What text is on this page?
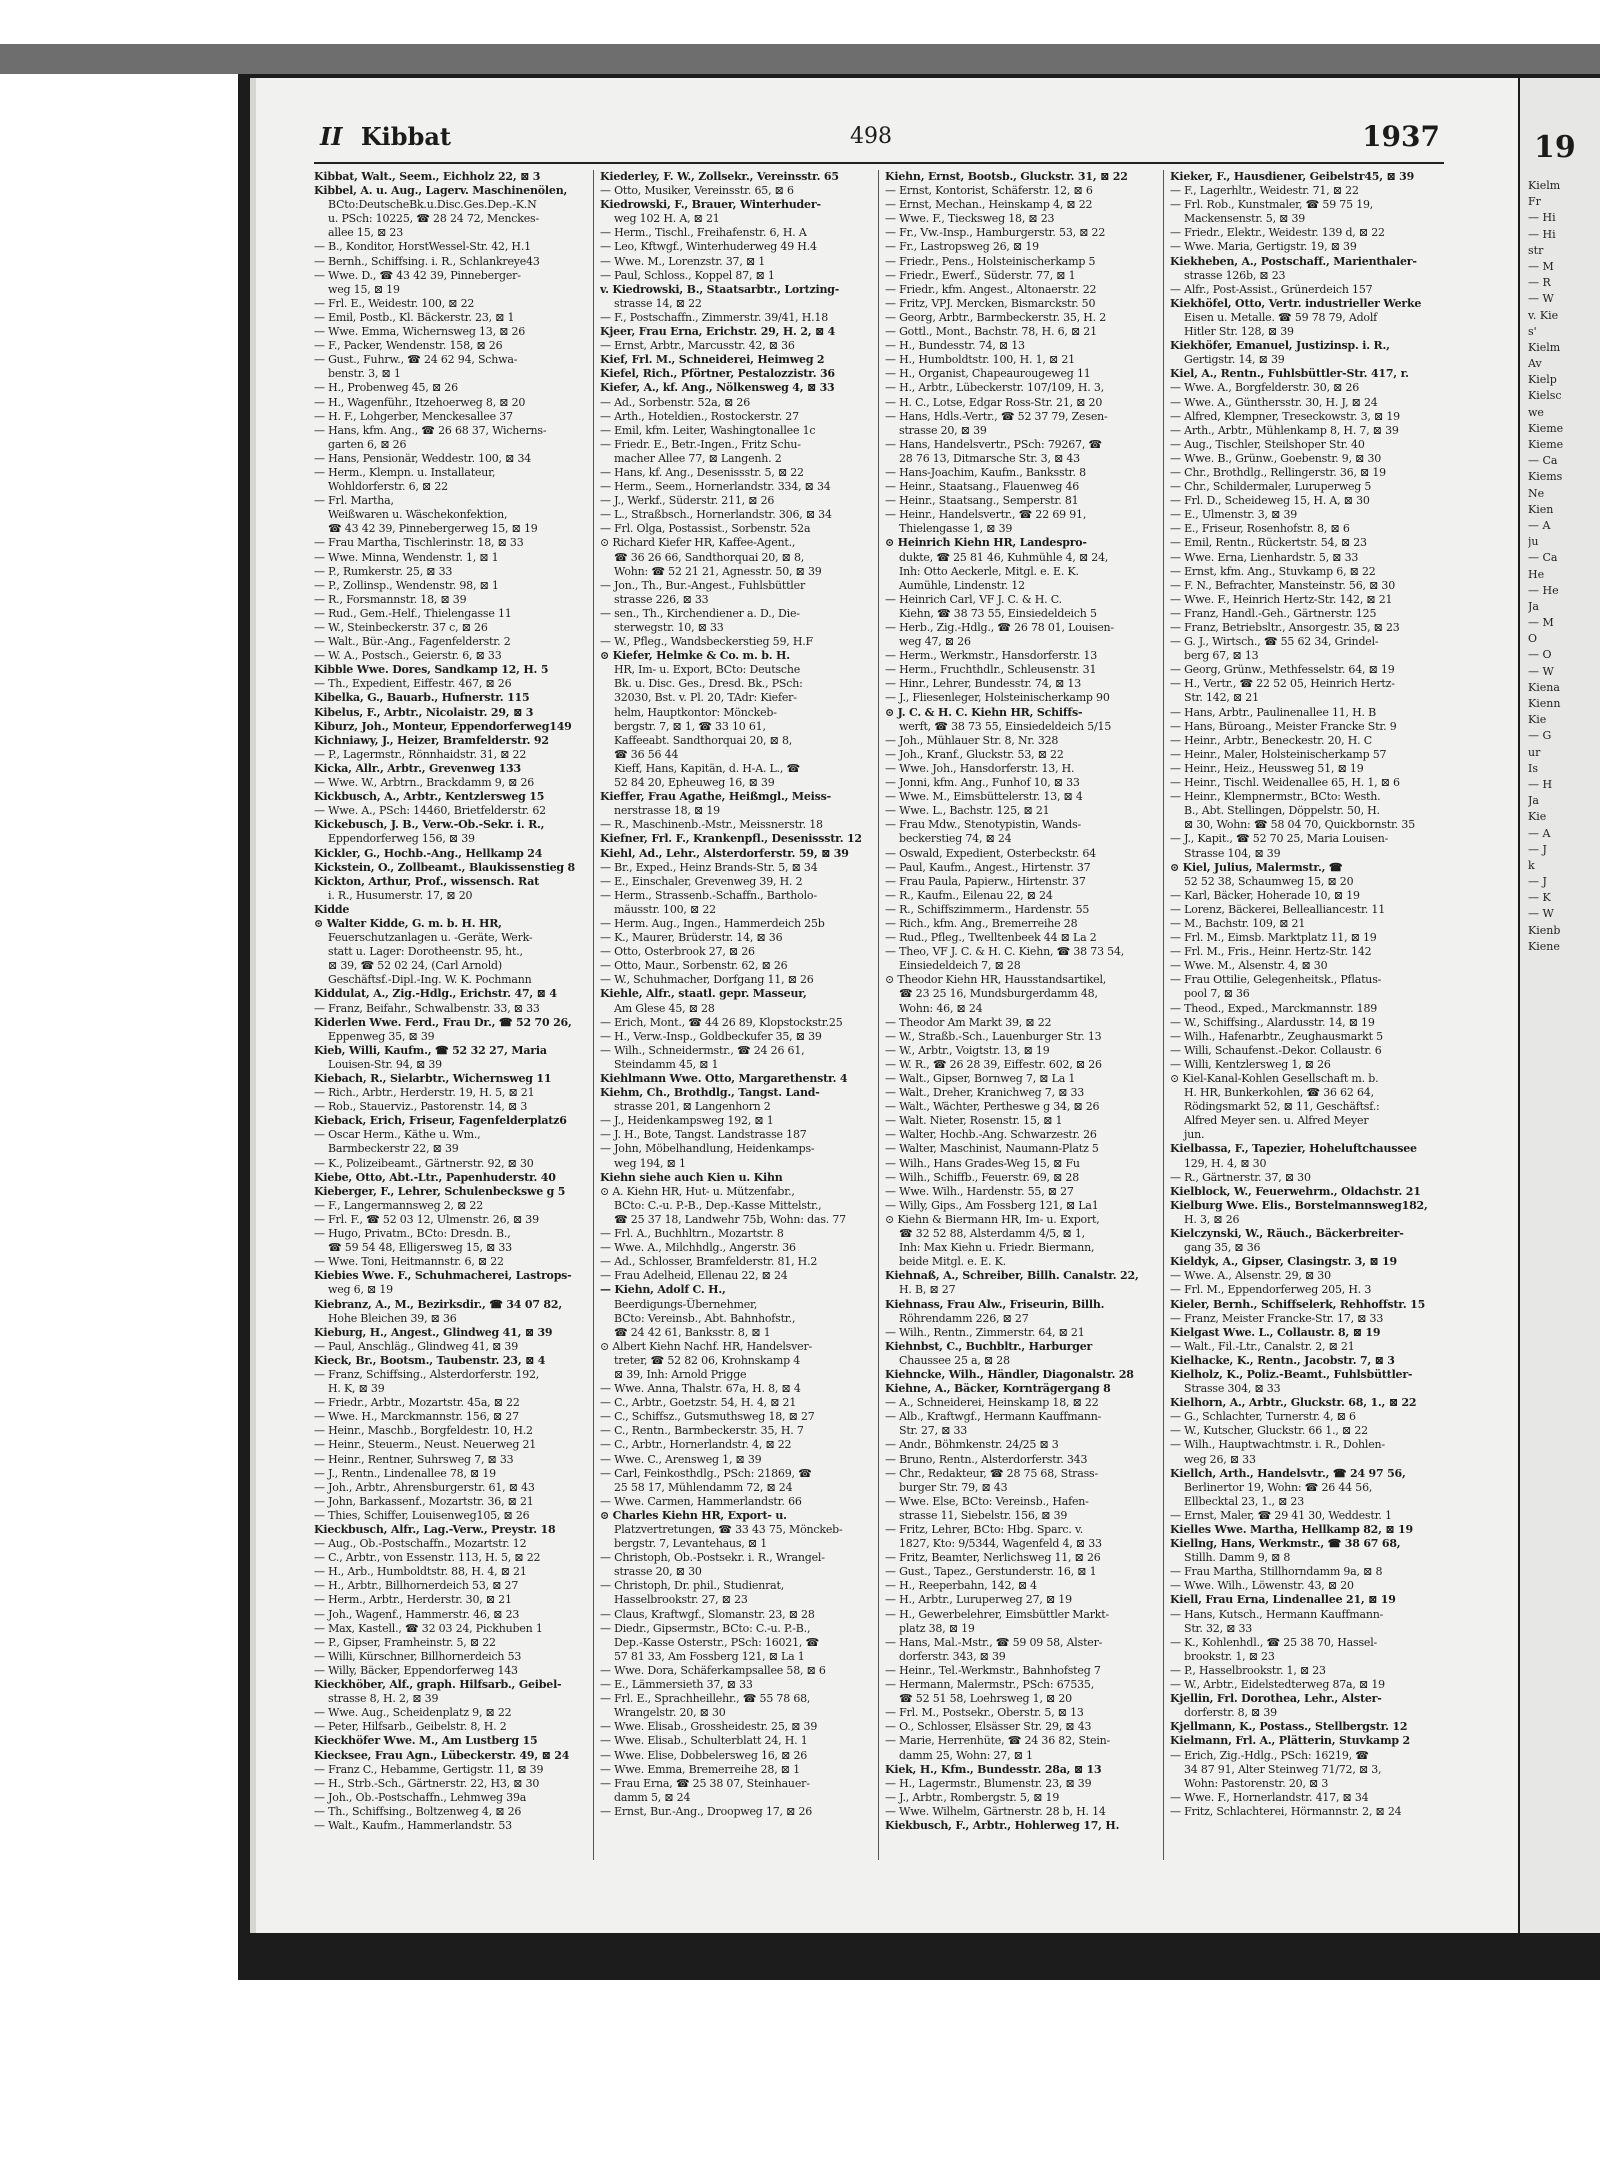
19
Kielm
Fr
— Hi
— Hi
str
— M
— R
— W
v. Kie
s'
Kielm
Av
Kielp
Kielsc
we
Kieme
Kieme
— Ca
Kiems
Ne
Kien
— A
ju
— Ca
He
— He
Ja
— M
O
— O
— W
Kiena
Kienn
Kie
— G
ur
Is
— H
Ja
Kie
— A
— J
k
— J
— K
— W
Kienb
Kiene
II Kibbat	498	1937
Kibbat, Walt., Seem., Eichholz 22, ⊠ 3
Kibbel, A. u. Aug., Lagerv. Maschinenölen,
BCto:DeutscheBk.u.Disc.Ges.Dep.-K.N
u. PSch: 10225, ☎ 28 24 72, Menckes-
allee 15, ⊠ 23
— B., Konditor, HorstWessel-Str. 42, H.1
— Bernh., Schiffsing. i. R., Schlankreye43
— Wwe. D., ☎ 43 42 39, Pinneberger-
weg 15, ⊠ 19
— Frl. E., Weidestr. 100, ⊠ 22
— Emil, Postb., Kl. Bäckerstr. 23, ⊠ 1
— Wwe. Emma, Wichernsweg 13, ⊠ 26
— F., Packer, Wendenstr. 158, ⊠ 26
— Gust., Fuhrw., ☎ 24 62 94, Schwa-
benstr. 3, ⊠ 1
— H., Probenweg 45, ⊠ 26
— H., Wagenführ., Itzehoerweg 8, ⊠ 20
— H. F., Lohgerber, Menckesallee 37
— Hans, kfm. Ang., ☎ 26 68 37, Wicherns-
garten 6, ⊠ 26
— Hans, Pensionär, Weddestr. 100, ⊠ 34
— Herm., Klempn. u. Installateur,
Wohldorferstr. 6, ⊠ 22
— Frl. Martha,
Weißwaren u. Wäschekonfektion,
☎ 43 42 39, Pinnebergerweg 15, ⊠ 19
— Frau Martha, Tischlerinstr. 18, ⊠ 33
— Wwe. Minna, Wendenstr. 1, ⊠ 1
— P., Rumkerstr. 25, ⊠ 33
— P., Zollinsp., Wendenstr. 98, ⊠ 1
— R., Forsmannstr. 18, ⊠ 39
— Rud., Gem.-Helf., Thielengasse 11
— W., Steinbeckerstr. 37 c, ⊠ 26
— Walt., Bür.-Ang., Fagenfelderstr. 2
— W. A., Postsch., Geierstr. 6, ⊠ 33
Kibble Wwe. Dores, Sandkamp 12, H. 5
— Th., Expedient, Eiffestr. 467, ⊠ 26
Kibelka, G., Bauarb., Hufnerstr. 115
Kibelus, F., Arbtr., Nicolaistr. 29, ⊠ 3
Kiburz, Joh., Monteur, Eppendorferweg149
Kichniawy, J., Heizer, Bramfelderstr. 92
— P., Lagermstr., Rönnhaidstr. 31, ⊠ 22
Kicka, Allr., Arbtr., Grevenweg 133
— Wwe. W., Arbtrn., Brackdamm 9, ⊠ 26
Kickbusch, A., Arbtr., Kentzlersweg 15
— Wwe. A., PSch: 14460, Brietfelderstr. 62
Kickebusch, J. B., Verw.-Ob.-Sekr. i. R.,
Eppendorferweg 156, ⊠ 39
Kickler, G., Hochb.-Ang., Hellkamp 24
Kickstein, O., Zollbeamt., Blaukissenstieg 8
Kickton, Arthur, Prof., wissensch. Rat
i. R., Husumerstr. 17, ⊠ 20
Kidde
⊙ Walter Kidde, G. m. b. H. HR,
Feuerschutzanlagen u. -Geräte, Werk-
statt u. Lager: Dorotheenstr. 95, ht.,
⊠ 39, ☎ 52 02 24, (Carl Arnold)
Geschäftsf.-Dipl.-Ing. W. K. Pochmann
Kiddulat, A., Zig.-Hdlg., Erichstr. 47, ⊠ 4
— Franz, Beifahr., Schwalbenstr. 33, ⊠ 33
Kiderlen Wwe. Ferd., Frau Dr., ☎ 52 70 26,
Eppenweg 35, ⊠ 39
Kieb, Willi, Kaufm., ☎ 52 32 27, Maria
Louisen-Str. 94, ⊠ 39
Kiebach, R., Sielarbtr., Wichernsweg 11
— Rich., Arbtr., Herderstr. 19, H. 5, ⊠ 21
— Rob., Stauerviz., Pastorenstr. 14, ⊠ 3
Kieback, Erich, Friseur, Fagenfelderplatz6
— Oscar Herm., Käthe u. Wm.,
Barmbeckerstr 22, ⊠ 39
— K., Polizeibeamt., Gärtnerstr. 92, ⊠ 30
Kiebe, Otto, Abt.-Ltr., Papenhuderstr. 40
Kieberger, F., Lehrer, Schulenbeckswe g 5
— F., Langermannsweg 2, ⊠ 22
— Frl. F., ☎ 52 03 12, Ulmenstr. 26, ⊠ 39
— Hugo, Privatm., BCto: Dresdn. B.,
☎ 59 54 48, Elligersweg 15, ⊠ 33
— Wwe. Toni, Heitmannstr. 6, ⊠ 22
Kiebies Wwe. F., Schuhmacherei, Lastrops-
weg 6, ⊠ 19
Kiebranz, A., M., Bezirksdir., ☎ 34 07 82,
Hohe Bleichen 39, ⊠ 36
Kieburg, H., Angest., Glindweg 41, ⊠ 39
— Paul, Anschläg., Glindweg 41, ⊠ 39
Kieck, Br., Bootsm., Taubenstr. 23, ⊠ 4
— Franz, Schiffsing., Alsterdorferstr. 192,
H. K, ⊠ 39
— Friedr., Arbtr., Mozartstr. 45a, ⊠ 22
— Wwe. H., Marckmannstr. 156, ⊠ 27
— Heinr., Maschb., Borgfeldestr. 10, H.2
— Heinr., Steuerm., Neust. Neuerweg 21
— Heinr., Rentner, Suhrsweg 7, ⊠ 33
— J., Rentn., Lindenallee 78, ⊠ 19
— Joh., Arbtr., Ahrensburgerstr. 61, ⊠ 43
— John, Barkassenf., Mozartstr. 36, ⊠ 21
— Thies, Schiffer, Louisenweg105, ⊠ 26
Kieckbusch, Alfr., Lag.-Verw., Preystr. 18
— Aug., Ob.-Postschaffn., Mozartstr. 12
— C., Arbtr., von Essenstr. 113, H. 5, ⊠ 22
— H., Arb., Humboldtstr. 88, H. 4, ⊠ 21
— H., Arbtr., Billhornerdeich 53, ⊠ 27
— Herm., Arbtr., Herderstr. 30, ⊠ 21
— Joh., Wagenf., Hammerstr. 46, ⊠ 23
— Max, Kastell., ☎ 32 03 24, Pickhuben 1
— P., Gipser, Framheinstr. 5, ⊠ 22
— Willi, Kürschner, Billhornerdeich 53
— Willy, Bäcker, Eppendorferweg 143
Kieckhöber, Alf., graph. Hilfsarb., Geibel-
strasse 8, H. 2, ⊠ 39
— Wwe. Aug., Scheidenplatz 9, ⊠ 22
— Peter, Hilfsarb., Geibelstr. 8, H. 2
Kieckhöfer Wwe. M., Am Lustberg 15
Kiecksee, Frau Agn., Lübeckerstr. 49, ⊠ 24
— Franz C., Hebamme, Gertigstr. 11, ⊠ 39
— H., Strb.-Sch., Gärtnerstr. 22, H3, ⊠ 30
— Joh., Ob.-Postschaffn., Lehmweg 39a
— Th., Schiffsing., Boltzenweg 4, ⊠ 26
— Walt., Kaufm., Hammerlandstr. 53
Kiederley, F. W., Zollsekr., Vereinsstr. 65
— Otto, Musiker, Vereinsstr. 65, ⊠ 6
Kiedrowski, F., Brauer, Winterhuder-
weg 102 H. A, ⊠ 21
— Herm., Tischl., Freihafenstr. 6, H. A
— Leo, Kftwgf., Winterhuderweg 49 H.4
— Wwe. M., Lorenzstr. 37, ⊠ 1
— Paul, Schloss., Koppel 87, ⊠ 1
v. Kiedrowski, B., Staatsarbtr., Lortzing-
strasse 14, ⊠ 22
— F., Postschaffn., Zimmerstr. 39/41, H.18
Kjeer, Frau Erna, Erichstr. 29, H. 2, ⊠ 4
— Ernst, Arbtr., Marcusstr. 42, ⊠ 36
Kief, Frl. M., Schneiderei, Heimweg 2
Kiefel, Rich., Pförtner, Pestalozzistr. 36
Kiefer, A., kf. Ang., Nölkensweg 4, ⊠ 33
— Ad., Sorbenstr. 52a, ⊠ 26
— Arth., Hoteldien., Rostockerstr. 27
— Emil, kfm. Leiter, Washingtonallee 1c
— Friedr. E., Betr.-Ingen., Fritz Schu-
macher Allee 77, ⊠ Langenh. 2
— Hans, kf. Ang., Desenissstr. 5, ⊠ 22
— Herm., Seem., Hornerlandstr. 334, ⊠ 34
— J., Werkf., Süderstr. 211, ⊠ 26
— L., Straßbsch., Hornerlandstr. 306, ⊠ 34
— Frl. Olga, Postassist., Sorbenstr. 52a
⊙ Richard Kiefer HR, Kaffee-Agent.,
☎ 36 26 66, Sandthorquai 20, ⊠ 8,
Wohn: ☎ 52 21 21, Agnesstr. 50, ⊠ 39
— Jon., Th., Bur.-Angest., Fuhlsbüttler
strasse 226, ⊠ 33
— sen., Th., Kirchendiener a. D., Die-
sterwegstr. 10, ⊠ 33
— W., Pfleg., Wandsbeckerstieg 59, H.F
⊙ Kiefer, Helmke & Co. m. b. H.
HR, Im- u. Export, BCto: Deutsche
Bk. u. Disc. Ges., Dresd. Bk., PSch:
32030, Bst. v. Pl. 20, TAdr: Kiefer-
helm, Hauptkontor: Mönckeb-
bergstr. 7, ⊠ 1, ☎ 33 10 61,
Kaffeeabt. Sandthorquai 20, ⊠ 8,
☎ 36 56 44
Kieff, Hans, Kapitän, d. H-A. L., ☎
52 84 20, Epheuweg 16, ⊠ 39
Kieffer, Frau Agathe, Heißmgl., Meiss-
nerstrasse 18, ⊠ 19
— R., Maschinenb.-Mstr., Meissnerstr. 18
Kiefner, Frl. F., Krankenpfl., Desenissstr. 12
Kiehl, Ad., Lehr., Alsterdorferstr. 59, ⊠ 39
— Br., Exped., Heinz Brands-Str. 5, ⊠ 34
— E., Einschaler, Grevenweg 39, H. 2
— Herm., Strassenb.-Schaffn., Bartholo-
mäusstr. 100, ⊠ 22
— Herm. Aug., Ingen., Hammerdeich 25b
— K., Maurer, Brüderstr. 14, ⊠ 36
— Otto, Osterbrook 27, ⊠ 26
— Otto, Maur., Sorbenstr. 62, ⊠ 26
— W., Schuhmacher, Dorfgang 11, ⊠ 26
Kiehle, Alfr., staatl. gepr. Masseur,
Am Glese 45, ⊠ 28
— Erich, Mont., ☎ 44 26 89, Klopstockstr.25
— H., Verw.-Insp., Goldbeckufer 35, ⊠ 39
— Wilh., Schneidermstr., ☎ 24 26 61,
Steindamm 45, ⊠ 1
Kiehlmann Wwe. Otto, Margarethenstr. 4
Kiehm, Ch., Brothdlg., Tangst. Land-
strasse 201, ⊠ Langenhorn 2
— J., Heidenkampsweg 192, ⊠ 1
— J. H., Bote, Tangst. Landstrasse 187
— John, Möbelhandlung, Heidenkamps-
weg 194, ⊠ 1
Kiehn siehe auch Kien u. Kihn
⊙ A. Kiehn HR, Hut- u. Mützenfabr.,
BCto: C.-u. P.-B., Dep.-Kasse Mittelstr.,
☎ 25 37 18, Landwehr 75b, Wohn: das. 77
— Frl. A., Buchhltrn., Mozartstr. 8
— Wwe. A., Milchhdlg., Angerstr. 36
— Ad., Schlosser, Bramfelderstr. 81, H.2
— Frau Adelheid, Ellenau 22, ⊠ 24
— Kiehn, Adolf C. H.,
Beerdigungs-Übernehmer,
BCto: Vereinsb., Abt. Bahnhofstr.,
☎ 24 42 61, Banksstr. 8, ⊠ 1
⊙ Albert Kiehn Nachf. HR, Handelsver-
treter, ☎ 52 82 06, Krohnskamp 4
⊠ 39, Inh: Arnold Prigge
— Wwe. Anna, Thalstr. 67a, H. 8, ⊠ 4
— C., Arbtr., Goetzstr. 54, H. 4, ⊠ 21
— C., Schiffsz., Gutsmuthsweg 18, ⊠ 27
— C., Rentn., Barmbeckerstr. 35, H. 7
— C., Arbtr., Hornerlandstr. 4, ⊠ 22
— Wwe. C., Arensweg 1, ⊠ 39
— Carl, Feinkosthdlg., PSch: 21869, ☎
25 58 17, Mühlendamm 72, ⊠ 24
— Wwe. Carmen, Hammerlandstr. 66
⊙ Charles Kiehn HR, Export- u.
Platzvertretungen, ☎ 33 43 75, Mönckeb-
bergstr. 7, Levantehaus, ⊠ 1
— Christoph, Ob.-Postsekr. i. R., Wrangel-
strasse 20, ⊠ 30
— Christoph, Dr. phil., Studienrat,
Hasselbrookstr. 27, ⊠ 23
— Claus, Kraftwgf., Slomanstr. 23, ⊠ 28
— Diedr., Gipsermstr., BCto: C.-u. P.-B.,
Dep.-Kasse Osterstr., PSch: 16021, ☎
57 81 33, Am Fossberg 121, ⊠ La 1
— Wwe. Dora, Schäferkampsallee 58, ⊠ 6
— E., Lämmersieth 37, ⊠ 33
— Frl. E., Sprachheillehr., ☎ 55 78 68,
Wrangelstr. 20, ⊠ 30
— Wwe. Elisab., Grossheidestr. 25, ⊠ 39
— Wwe. Elisab., Schulterblatt 24, H. 1
— Wwe. Elise, Dobbelersweg 16, ⊠ 26
— Wwe. Emma, Bremerreihe 28, ⊠ 1
— Frau Erna, ☎ 25 38 07, Steinhauer-
damm 5, ⊠ 24
— Ernst, Bur.-Ang., Droopweg 17, ⊠ 26
Kiehn, Ernst, Bootsb., Gluckstr. 31, ⊠ 22
— Ernst, Kontorist, Schäferstr. 12, ⊠ 6
— Ernst, Mechan., Heinskamp 4, ⊠ 22
— Wwe. F., Tiecksweg 18, ⊠ 23
— Fr., Vw.-Insp., Hamburgerstr. 53, ⊠ 22
— Fr., Lastropsweg 26, ⊠ 19
— Friedr., Pens., Holsteinischerkamp 5
— Friedr., Ewerf., Süderstr. 77, ⊠ 1
— Friedr., kfm. Angest., Altonaerstr. 22
— Fritz, VPJ. Mercken, Bismarckstr. 50
— Georg, Arbtr., Barmbeckerstr. 35, H. 2
— Gottl., Mont., Bachstr. 78, H. 6, ⊠ 21
— H., Bundesstr. 74, ⊠ 13
— H., Humboldtstr. 100, H. 1, ⊠ 21
— H., Organist, Chapeaurougeweg 11
— H., Arbtr., Lübeckerstr. 107/109, H. 3,
— H. C., Lotse, Edgar Ross-Str. 21, ⊠ 20
— Hans, Hdls.-Vertr., ☎ 52 37 79, Zesen-
strasse 20, ⊠ 39
— Hans, Handelsvertr., PSch: 79267, ☎
28 76 13, Ditmarsche Str. 3, ⊠ 43
— Hans-Joachim, Kaufm., Banksstr. 8
— Heinr., Staatsang., Flauenweg 46
— Heinr., Staatsang., Semperstr. 81
— Heinr., Handelsvertr., ☎ 22 69 91,
Thielengasse 1, ⊠ 39
⊙ Heinrich Kiehn HR, Landespro-
dukte, ☎ 25 81 46, Kuhmühle 4, ⊠ 24,
Inh: Otto Aeckerle, Mitgl. e. E. K.
Aumühle, Lindenstr. 12
— Heinrich Carl, VF J. C. & H. C.
Kiehn, ☎ 38 73 55, Einsiedeldeich 5
— Herb., Zig.-Hdlg., ☎ 26 78 01, Louisen-
weg 47, ⊠ 26
— Herm., Werkmstr., Hansdorferstr. 13
— Herm., Fruchthdlr., Schleusenstr. 31
— Hinr., Lehrer, Bundesstr. 74, ⊠ 13
— J., Fliesenleger, Holsteinischerkamp 90
⊙ J. C. & H. C. Kiehn HR, Schiffs-
werft, ☎ 38 73 55, Einsiedeldeich 5/15
— Joh., Mühlauer Str. 8, Nr. 328
— Joh., Kranf., Gluckstr. 53, ⊠ 22
— Wwe. Joh., Hansdorferstr. 13, H.
— Jonni, kfm. Ang., Funhof 10, ⊠ 33
— Wwe. M., Eimsbüttelerstr. 13, ⊠ 4
— Wwe. L., Bachstr. 125, ⊠ 21
— Frau Mdw., Stenotypistin, Wands-
beckerstieg 74, ⊠ 24
— Oswald, Expedient, Osterbeckstr. 64
— Paul, Kaufm., Angest., Hirtenstr. 37
— Frau Paula, Papierw., Hirtenstr. 37
— R., Kaufm., Eilenau 22, ⊠ 24
— R., Schiffszimmerm., Hardenstr. 55
— Rich., kfm. Ang., Bremerreihe 28
— Rud., Pfleg., Twelltenbeek 44 ⊠ La 2
— Theo, VF J. C. & H. C. Kiehn, ☎ 38 73 54,
Einsiedeldeich 7, ⊠ 28
⊙ Theodor Kiehn HR, Hausstandsartikel,
☎ 23 25 16, Mundsburgerdamm 48,
Wohn: 46, ⊠ 24
— Theodor Am Markt 39, ⊠ 22
— W., Straßb.-Sch., Lauenburger Str. 13
— W., Arbtr., Voigtstr. 13, ⊠ 19
— W. R., ☎ 26 28 39, Eiffestr. 602, ⊠ 26
— Walt., Gipser, Bornweg 7, ⊠ La 1
— Walt., Dreher, Kranichweg 7, ⊠ 33
— Walt., Wächter, Pertheswe g 34, ⊠ 26
— Walt. Nieter, Rosenstr. 15, ⊠ 1
— Walter, Hochb.-Ang. Schwarzestr. 26
— Walter, Maschinist, Naumann-Platz 5
— Wilh., Hans Grades-Weg 15, ⊠ Fu
— Wilh., Schiffb., Feuerstr. 69, ⊠ 28
— Wwe. Wilh., Hardenstr. 55, ⊠ 27
— Willy, Gips., Am Fossberg 121, ⊠ La1
⊙ Kiehn & Biermann HR, Im- u. Export,
☎ 32 52 88, Alsterdamm 4/5, ⊠ 1,
Inh: Max Kiehn u. Friedr. Biermann,
beide Mitgl. e. E. K.
Kiehnaß, A., Schreiber, Billh. Canalstr. 22,
H. B, ⊠ 27
Kiehnass, Frau Alw., Friseurin, Billh.
Röhrendamm 226, ⊠ 27
— Wilh., Rentn., Zimmerstr. 64, ⊠ 21
Kiehnbst, C., Buchbltr., Harburger
Chaussee 25 a, ⊠ 28
Kiehncke, Wilh., Händler, Diagonalstr. 28
Kiehne, A., Bäcker, Kornträgergang 8
— A., Schneiderei, Heinskamp 18, ⊠ 22
— Alb., Kraftwgf., Hermann Kauffmann-
Str. 27, ⊠ 33
— Andr., Böhmkenstr. 24/25 ⊠ 3
— Bruno, Rentn., Alsterdorferstr. 343
— Chr., Redakteur, ☎ 28 75 68, Strass-
burger Str. 79, ⊠ 43
— Wwe. Else, BCto: Vereinsb., Hafen-
strasse 11, Siebelstr. 156, ⊠ 39
— Fritz, Lehrer, BCto: Hbg. Sparc. v.
1827, Kto: 9/5344, Wagenfeld 4, ⊠ 33
— Fritz, Beamter, Nerlichsweg 11, ⊠ 26
— Gust., Tapez., Gerstunderstr. 16, ⊠ 1
— H., Reeperbahn, 142, ⊠ 4
— H., Arbtr., Luruperweg 27, ⊠ 19
— H., Gewerbelehrer, Eimsbüttler Markt-
platz 38, ⊠ 19
— Hans, Mal.-Mstr., ☎ 59 09 58, Alster-
dorferstr. 343, ⊠ 39
— Heinr., Tel.-Werkmstr., Bahnhofsteg 7
— Hermann, Malermstr., PSch: 67535,
☎ 52 51 58, Loehrsweg 1, ⊠ 20
— Frl. M., Postsekr., Oberstr. 5, ⊠ 13
— O., Schlosser, Elsässer Str. 29, ⊠ 43
— Marie, Herrenhüte, ☎ 24 36 82, Stein-
damm 25, Wohn: 27, ⊠ 1
Kiek, H., Kfm., Bundesstr. 28a, ⊠ 13
— H., Lagermstr., Blumenstr. 23, ⊠ 39
— J., Arbtr., Rombergstr. 5, ⊠ 19
— Wwe. Wilhelm, Gärtnerstr. 28 b, H. 14
Kiekbusch, F., Arbtr., Hohlerweg 17, H.
Kieker, F., Hausdiener, Geibelstr45, ⊠ 39
— F., Lagerhltr., Weidestr. 71, ⊠ 22
— Frl. Rob., Kunstmaler, ☎ 59 75 19,
Mackensenstr. 5, ⊠ 39
— Friedr., Elektr., Weidestr. 139 d, ⊠ 22
— Wwe. Maria, Gertigstr. 19, ⊠ 39
Kiekheben, A., Postschaff., Marienthaler-
strasse 126b, ⊠ 23
— Alfr., Post-Assist., Grünerdeich 157
Kiekhöfel, Otto, Vertr. industrieller Werke
Eisen u. Metalle. ☎ 59 78 79, Adolf
Hitler Str. 128, ⊠ 39
Kiekhöfer, Emanuel, Justizinsp. i. R.,
Gertigstr. 14, ⊠ 39
Kiel, A., Rentn., Fuhlsbüttler-Str. 417, r.
— Wwe. A., Borgfelderstr. 30, ⊠ 26
— Wwe. A., Günthersstr. 30, H. J, ⊠ 24
— Alfred, Klempner, Treseckowstr. 3, ⊠ 19
— Arth., Arbtr., Mühlenkamp 8, H. 7, ⊠ 39
— Aug., Tischler, Steilshoper Str. 40
— Wwe. B., Grünw., Goebenstr. 9, ⊠ 30
— Chr., Brothdlg., Rellingerstr. 36, ⊠ 19
— Chr., Schildermaler, Luruperweg 5
— Frl. D., Scheideweg 15, H. A, ⊠ 30
— E., Ulmenstr. 3, ⊠ 39
— E., Friseur, Rosenhofstr. 8, ⊠ 6
— Emil, Rentn., Rückertstr. 54, ⊠ 23
— Wwe. Erna, Lienhardstr. 5, ⊠ 33
— Ernst, kfm. Ang., Stuvkamp 6, ⊠ 22
— F. N., Befrachter, Mansteinstr. 56, ⊠ 30
— Wwe. F., Heinrich Hertz-Str. 142, ⊠ 21
— Franz, Handl.-Geh., Gärtnerstr. 125
— Franz, Betriebsltr., Ansorgestr. 35, ⊠ 23
— G. J., Wirtsch., ☎ 55 62 34, Grindel-
berg 67, ⊠ 13
— Georg, Grünw., Methfesselstr. 64, ⊠ 19
— H., Vertr., ☎ 22 52 05, Heinrich Hertz-
Str. 142, ⊠ 21
— Hans, Arbtr., Paulinenallee 11, H. B
— Hans, Büroang., Meister Francke Str. 9
— Heinr., Arbtr., Beneckestr. 20, H. C
— Heinr., Maler, Holsteinischerkamp 57
— Heinr., Heiz., Heussweg 51, ⊠ 19
— Heinr., Tischl. Weidenallee 65, H. 1, ⊠ 6
— Heinr., Klempnermstr., BCto: Westh.
B., Abt. Stellingen, Döppelstr. 50, H.
⊠ 30, Wohn: ☎ 58 04 70, Quickbornstr. 35
— J., Kapit., ☎ 52 70 25, Maria Louisen-
Strasse 104, ⊠ 39
⊙ Kiel, Julius, Malermstr., ☎
52 52 38, Schaumweg 15, ⊠ 20
— Karl, Bäcker, Hoherade 10, ⊠ 19
— Lorenz, Bäckerei, Bellealliancestr. 11
— M., Bachstr. 109, ⊠ 21
— Frl. M., Eimsb. Marktplatz 11, ⊠ 19
— Frl. M., Fris., Heinr. Hertz-Str. 142
— Wwe. M., Alsenstr. 4, ⊠ 30
— Frau Ottilie, Gelegenheitsk., Pflatus-
pool 7, ⊠ 36
— Theod., Exped., Marckmannstr. 189
— W., Schiffsing., Alardusstr. 14, ⊠ 19
— Wilh., Hafenarbtr., Zeughausmarkt 5
— Willi, Schaufenst.-Dekor. Collaustr. 6
— Willi, Kentzlersweg 1, ⊠ 26
⊙ Kiel-Kanal-Kohlen Gesellschaft m. b.
H. HR, Bunkerkohlen, ☎ 36 62 64,
Rödingsmarkt 52, ⊠ 11, Geschäftsf.:
Alfred Meyer sen. u. Alfred Meyer
jun.
Kielbassa, F., Tapezier, Hoheluftchaussee
129, H. 4, ⊠ 30
— R., Gärtnerstr. 37, ⊠ 30
Kielblock, W., Feuerwehrm., Oldachstr. 21
Kielburg Wwe. Elis., Borstelmannsweg182,
H. 3, ⊠ 26
Kielczynski, W., Räuch., Bäckerbreiter-
gang 35, ⊠ 36
Kieldyk, A., Gipser, Clasingstr. 3, ⊠ 19
— Wwe. A., Alsenstr. 29, ⊠ 30
— Frl. M., Eppendorferweg 205, H. 3
Kieler, Bernh., Schiffselerk, Rehhoffstr. 15
— Franz, Meister Francke-Str. 17, ⊠ 33
Kielgast Wwe. L., Collaustr. 8, ⊠ 19
— Walt., Fil.-Ltr., Canalstr. 2, ⊠ 21
Kielhacke, K., Rentn., Jacobstr. 7, ⊠ 3
Kielholz, K., Poliz.-Beamt., Fuhlsbüttler-
Strasse 304, ⊠ 33
Kielhorn, A., Arbtr., Gluckstr. 68, 1., ⊠ 22
— G., Schlachter, Turnerstr. 4, ⊠ 6
— W., Kutscher, Gluckstr. 66 1., ⊠ 22
— Wilh., Hauptwachtmstr. i. R., Dohlen-
weg 26, ⊠ 33
Kiellch, Arth., Handelsvtr., ☎ 24 97 56,
Berlinertor 19, Wohn: ☎ 26 44 56,
Ellbecktal 23, 1., ⊠ 23
— Ernst, Maler, ☎ 29 41 30, Weddestr. 1
Kielles Wwe. Martha, Hellkamp 82, ⊠ 19
Kiellng, Hans, Werkmstr., ☎ 38 67 68,
Stillh. Damm 9, ⊠ 8
— Frau Martha, Stillhorndamm 9a, ⊠ 8
— Wwe. Wilh., Löwenstr. 43, ⊠ 20
Kiell, Frau Erna, Lindenallee 21, ⊠ 19
— Hans, Kutsch., Hermann Kauffmann-
Str. 32, ⊠ 33
— K., Kohlenhdl., ☎ 25 38 70, Hassel-
brookstr. 1, ⊠ 23
— P., Hasselbrookstr. 1, ⊠ 23
— W., Arbtr., Eidelstedterweg 87a, ⊠ 19
Kjellin, Frl. Dorothea, Lehr., Alster-
dorferstr. 8, ⊠ 39
Kjellmann, K., Postass., Stellbergstr. 12
Kielmann, Frl. A., Plätterin, Stuvkamp 2
— Erich, Zig.-Hdlg., PSch: 16219, ☎
34 87 91, Alter Steinweg 71/72, ⊠ 3,
Wohn: Pastorenstr. 20, ⊠ 3
— Wwe. F., Hornerlandstr. 417, ⊠ 34
— Fritz, Schlachterei, Hörmannstr. 2, ⊠ 24
